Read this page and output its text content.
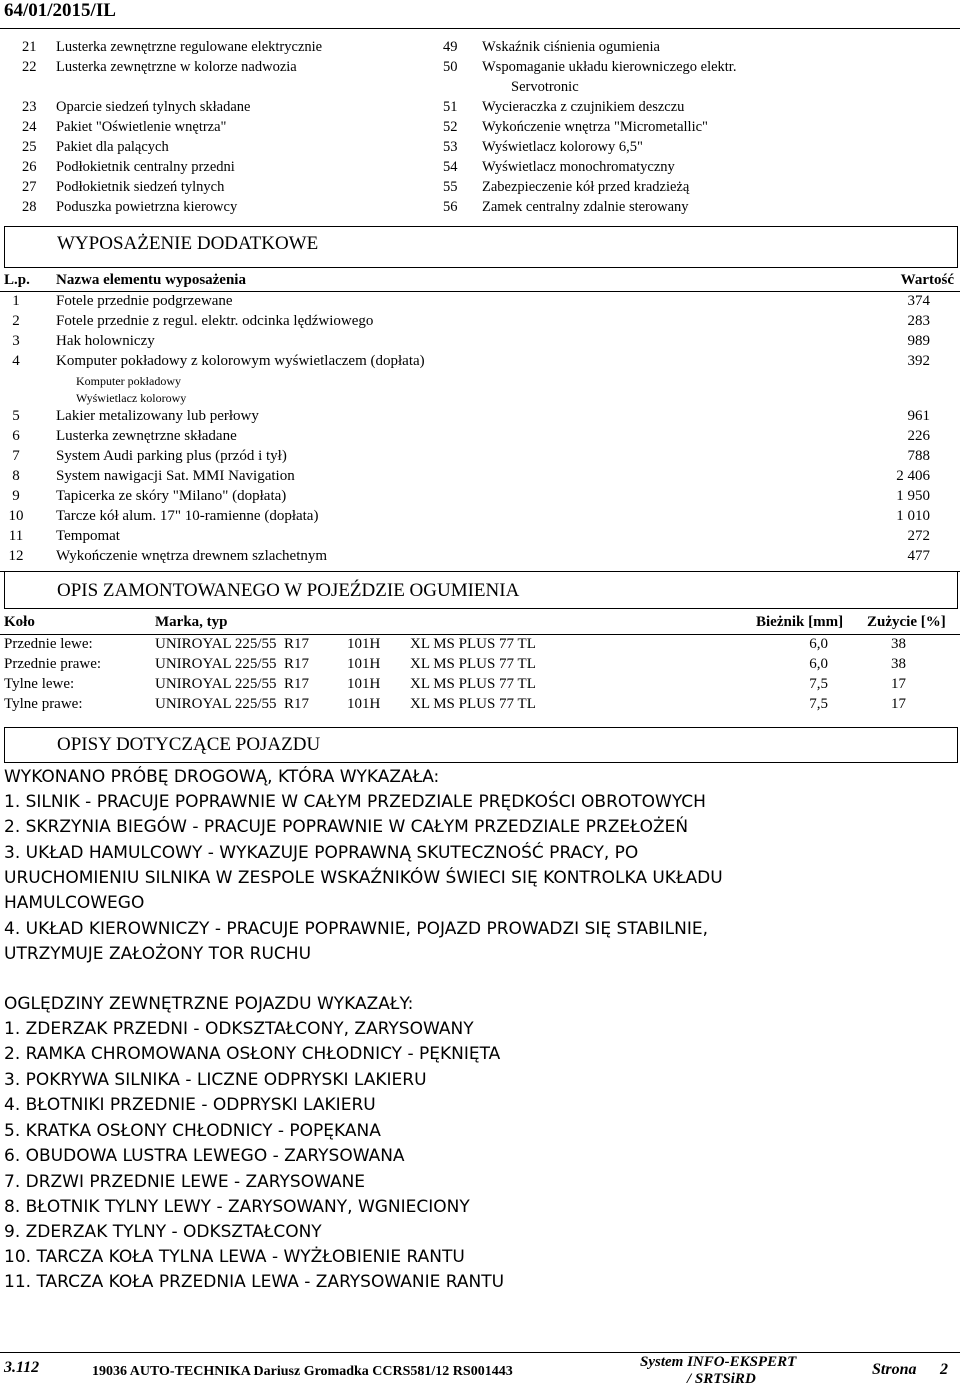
64/01/2015/IL
21 Lusterka zewnętrzne regulowane elektrycznie
22 Lusterka zewnętrzne w kolorze nadwozia
23 Oparcie siedzeń tylnych składane
24 Pakiet "Oświetlenie wnętrza"
25 Pakiet dla palących
26 Podłokietnik centralny przedni
27 Podłokietnik siedzeń tylnych
28 Poduszka powietrzna kierowcy
49 Wskaźnik ciśnienia ogumienia
50 Wspomaganie układu kierowniczego elektr.
Servotronic
51 Wycieraczka z czujnikiem deszczu
52 Wykończenie wnętrza "Micrometallic"
53 Wyświetlacz kolorowy 6,5"
54 Wyświetlacz monochromatyczny
55 Zabezpieczenie kół przed kradzieżą
56 Zamek centralny zdalnie sterowany
WYPOSAŻENIE DODATKOWE
L.p. Nazwa elementu wyposażenia	Wartość
1	Fotele przednie podgrzewane	374
2	Fotele przednie z regul. elektr. odcinka lędźwiowego	283
3	Hak holowniczy	989
4	Komputer pokładowy z kolorowym wyświetlaczem (dopłata)	392
5	Lakier metalizowany lub perłowy	961
6	Lusterka zewnętrzne składane	226
7	System Audi parking plus (przód i tył)	788
8	System nawigacji Sat. MMI Navigation	2 406
9	Tapicerka ze skóry "Milano" (dopłata)	1 950
10	Tarcze kół alum. 17" 10-ramienne (dopłata)	1 010
11	Tempomat	272
12	Wykończenie wnętrza drewnem szlachetnym	477
Komputer pokładowy
Wyświetlacz kolorowy
OPIS ZAMONTOWANEGO W POJEŹDZIE OGUMIENIA
Koło	Marka, typ	Bieżnik [mm] Zużycie [%]
Przednie lewe:	UNIROYAL 225/55  R17	101H XL MS PLUS 77 TL	6,0	38
Przednie prawe:	UNIROYAL 225/55  R17	101H XL MS PLUS 77 TL	6,0	38
Tylne lewe:	UNIROYAL 225/55  R17	101H XL MS PLUS 77 TL	7,5	17
Tylne prawe:	UNIROYAL 225/55  R17	101H XL MS PLUS 77 TL	7,5	17
OPISY DOTYCZĄCE POJAZDU
WYKONANO PRÓBĘ DROGOWĄ, KTÓRA WYKAZAŁA:
1. SILNIK - PRACUJE POPRAWNIE W CAŁYM PRZEDZIALE PRĘDKOŚCI OBROTOWYCH
2. SKRZYNIA BIEGÓW - PRACUJE POPRAWNIE W CAŁYM PRZEDZIALE PRZEŁOŻEŃ
3. UKŁAD HAMULCOWY - WYKAZUJE POPRAWNĄ SKUTECZNOŚĆ PRACY, PO
URUCHOMIENIU SILNIKA W ZESPOLE WSKAŹNIKÓW ŚWIECI SIĘ KONTROLKA UKŁADU
HAMULCOWEGO
4. UKŁAD KIEROWNICZY - PRACUJE POPRAWNIE, POJAZD PROWADZI SIĘ STABILNIE,
UTRZYMUJE ZAŁOŻONY TOR RUCHU
OGLĘDZINY ZEWNĘTRZNE POJAZDU WYKAZAŁY:
1. ZDERZAK PRZEDNI - ODKSZTAŁCONY, ZARYSOWANY
2. RAMKA CHROMOWANA OSŁONY CHŁODNICY - PĘKNIĘTA
3. POKRYWA SILNIKA - LICZNE ODPRYSKI LAKIERU
4. BŁOTNIKI PRZEDNIE - ODPRYSKI LAKIERU
5. KRATKA OSŁONY CHŁODNICY - POPĘKANA
6. OBUDOWA LUSTRA LEWEGO - ZARYSOWANA
7. DRZWI PRZEDNIE LEWE - ZARYSOWANE
8. BŁOTNIK TYLNY LEWY - ZARYSOWANY, WGNIECIONY
9. ZDERZAK TYLNY - ODKSZTAŁCONY
10. TARCZA KOŁA TYLNA LEWA - WYŻŁOBIENIE RANTU
11. TARCZA KOŁA PRZEDNIA LEWA - ZARYSOWANIE RANTU
3.112	19036 AUTO-TECHNIKA Dariusz Gromadka CCRS581/12 RS001443
System INFO-EKSPERT
/ SRTSiRD
Strona 2
